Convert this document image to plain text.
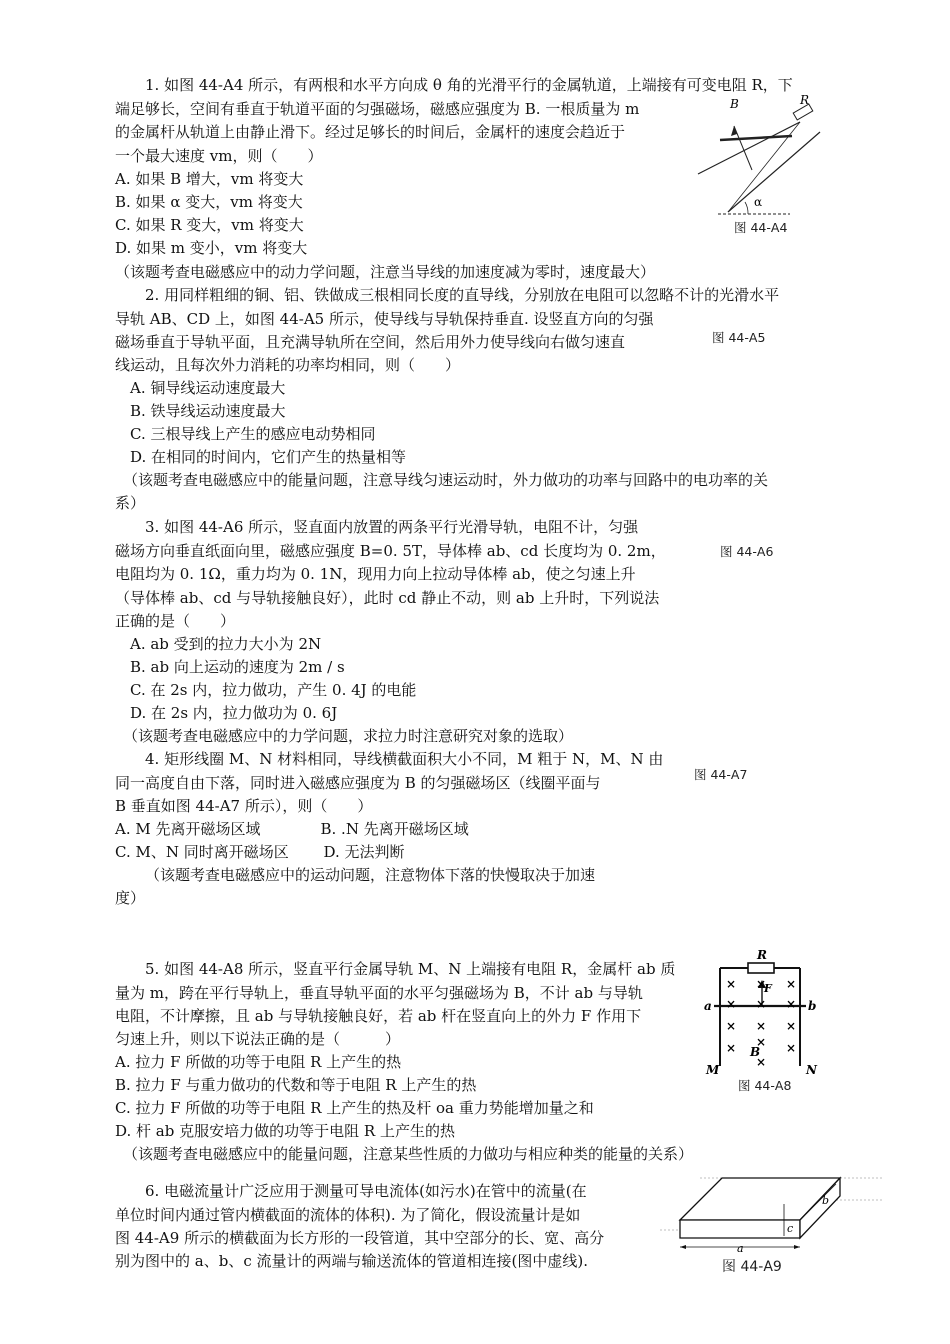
1. 如图 44-A4 所示，有两根和水平方向成 θ 角的光滑平行的金属轨道，上端接有可变电阻 R，下
端足够长，空间有垂直于轨道平面的匀强磁场，磁感应强度为 B. 一根质量为 m
的金属杆从轨道上由静止滑下。经过足够长的时间后，金属杆的速度会趋近于
一个最大速度 vm，则（　　）
A. 如果 B 增大，vm 将变大
B. 如果 α 变大，vm 将变大
C. 如果 R 变大，vm 将变大
D. 如果 m 变小，vm 将变大
（该题考查电磁感应中的动力学问题，注意当导线的加速度减为零时，速度最大）
B	R
α
图 44-A4
2. 用同样粗细的铜、铝、铁做成三根相同长度的直导线，分别放在电阻可以忽略不计的光滑水平
导轨 AB、CD 上，如图 44-A5 所示，使导线与导轨保持垂直. 设竖直方向的匀强
磁场垂直于导轨平面，且充满导轨所在空间，然后用外力使导线向右做匀速直
线运动，且每次外力消耗的功率均相同，则（　　）
A. 铜导线运动速度最大
B. 铁导线运动速度最大
C. 三根导线上产生的感应电动势相同
D. 在相同的时间内，它们产生的热量相等
（该题考查电磁感应中的能量问题，注意导线匀速运动时，外力做功的功率与回路中的电功率的关
系）
图 44-A5
3. 如图 44-A6 所示，竖直面内放置的两条平行光滑导轨，电阻不计，匀强
磁场方向垂直纸面向里，磁感应强度 B=0. 5T，导体棒 ab、cd 长度均为 0. 2m，
电阻均为 0. 1Ω，重力均为 0. 1N，现用力向上拉动导体棒 ab，使之匀速上升
（导体棒 ab、cd 与导轨接触良好），此时 cd 静止不动，则 ab 上升时，下列说法
正确的是（　　）
A. ab 受到的拉力大小为 2N
B. ab 向上运动的速度为 2m / s
C. 在 2s 内，拉力做功，产生 0. 4J 的电能
D. 在 2s 内，拉力做功为 0. 6J
（该题考查电磁感应中的力学问题，求拉力时注意研究对象的选取）
图 44-A6
4. 矩形线圈 M、N 材料相同，导线横截面积大小不同，M 粗于 N，M、N 由
同一高度自由下落，同时进入磁感应强度为 B 的匀强磁场区（线圈平面与
B 垂直如图 44-A7 所示），则（　　）
A. M 先离开磁场区域　　　　B. .N 先离开磁场区域
C. M、N 同时离开磁场区　　 D. 无法判断
（该题考查电磁感应中的运动问题，注意物体下落的快慢取决于加速
度）
图 44-A7
5. 如图 44-A8 所示，竖直平行金属导轨 M、N 上端接有电阻 R，金属杆 ab 质
量为 m，跨在平行导轨上，垂直导轨平面的水平匀强磁场为 B，不计 ab 与导轨
电阻，不计摩擦，且 ab 与导轨接触良好，若 ab 杆在竖直向上的外力 F 作用下
匀速上升，则以下说法正确的是（　　　）
A. 拉力 F 所做的功等于电阻 R 上产生的热
B. 拉力 F 与重力做功的代数和等于电阻 R 上产生的热
C. 拉力 F 所做的功等于电阻 R 上产生的热及杆 oa 重力势能增加量之和
D. 杆 ab 克服安培力做的功等于电阻 R 上产生的热
（该题考查电磁感应中的能量问题，注意某些性质的力做功与相应种类的能量的关系）
R
a	b
F
M	N
B
× × ×
× × ×
× × ×
× × ×
×
图 44-A8
6. 电磁流量计广泛应用于测量可导电流体(如污水)在管中的流量(在
单位时间内通过管内横截面的流体的体积). 为了简化，假设流量计是如
图 44-A9 所示的横截面为长方形的一段管道，其中空部分的长、宽、高分
别为图中的 a、b、c 流量计的两端与输送流体的管道相连接(图中虚线).
a
b
c
图 44-A9
